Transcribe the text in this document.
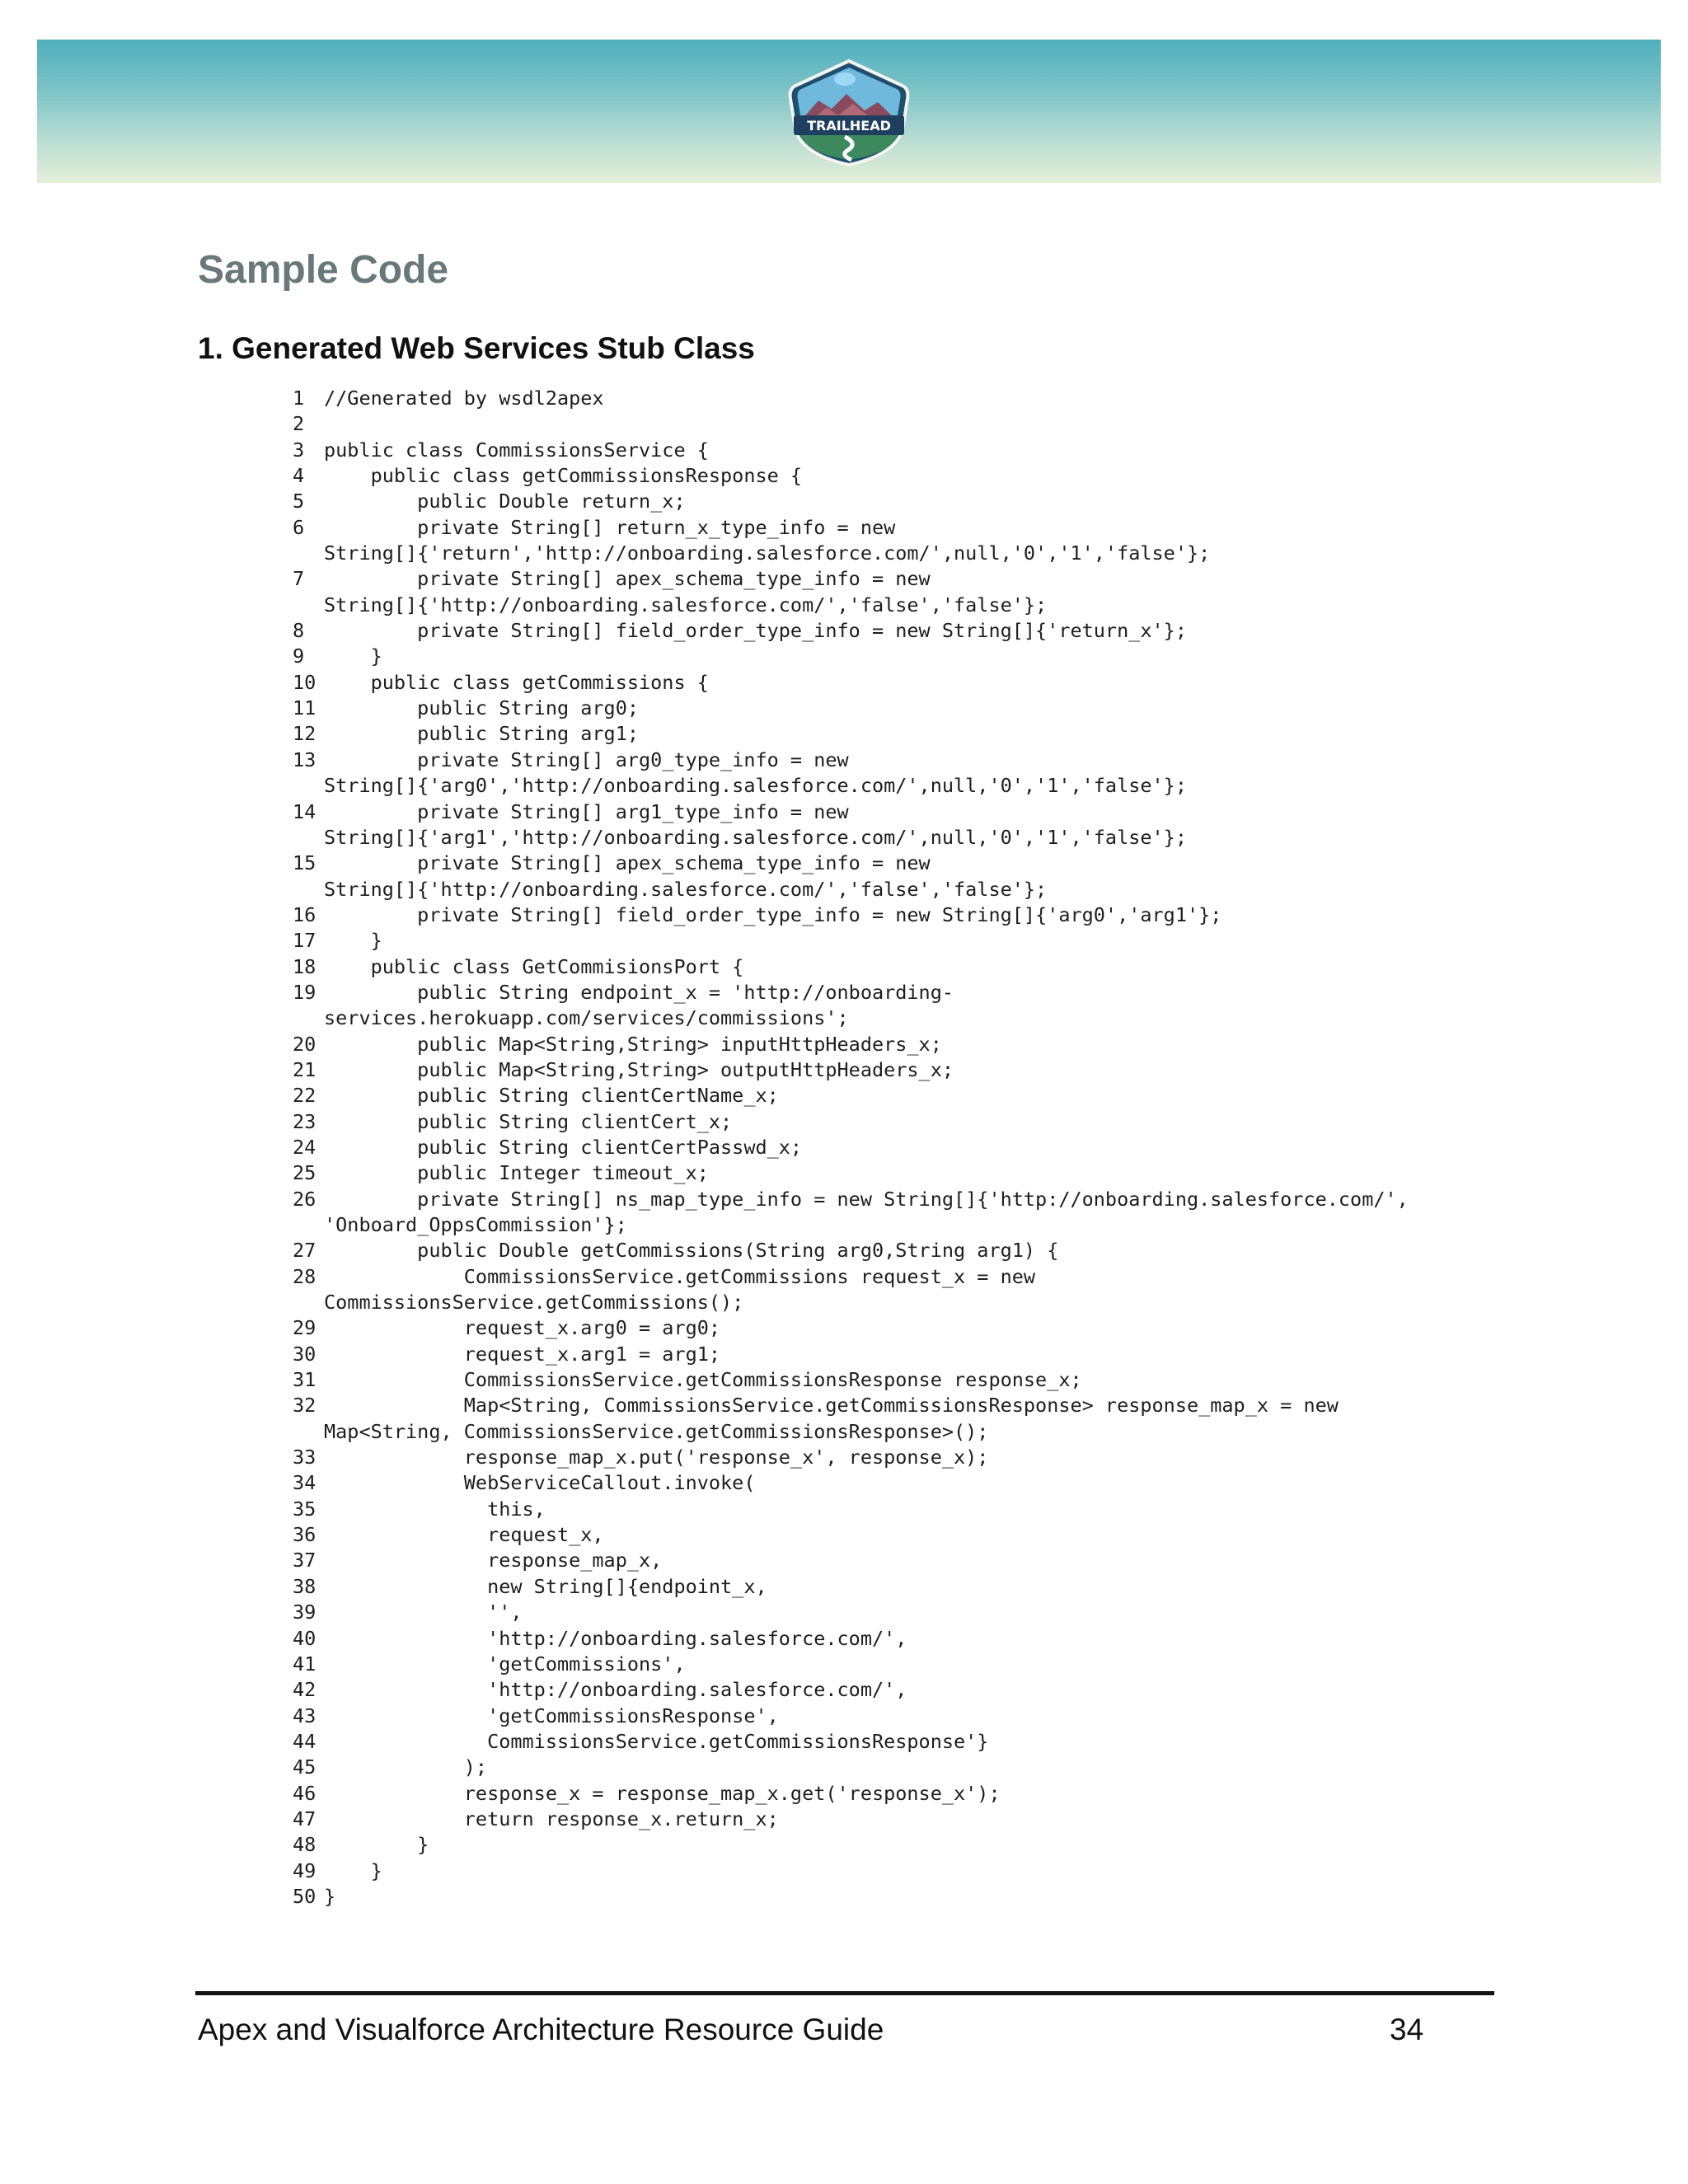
TRAILHEAD
Sample Code
1. Generated Web Services Stub Class
1	//Generated by wsdl2apex
2
3	public class CommissionsService {
4	public class getCommissionsResponse {
5	public Double return_x;
6	private String[] return_x_type_info = new
String[]{'return','http://onboarding.salesforce.com/',null,'0','1','false'};
7	private String[] apex_schema_type_info = new
String[]{'http://onboarding.salesforce.com/','false','false'};
8	private String[] field_order_type_info = new String[]{'return_x'};
9	}
10 public class getCommissions {
11 public String arg0;
12 public String arg1;
13 private String[] arg0_type_info = new
String[]{'arg0','http://onboarding.salesforce.com/',null,'0','1','false'};
14 private String[] arg1_type_info = new
String[]{'arg1','http://onboarding.salesforce.com/',null,'0','1','false'};
15 private String[] apex_schema_type_info = new
String[]{'http://onboarding.salesforce.com/','false','false'};
16 private String[] field_order_type_info = new String[]{'arg0','arg1'};
17 }
18 public class GetCommisionsPort {
19 public String endpoint_x = 'http://onboarding-
services.herokuapp.com/services/commissions';
20 public Map<String,String> inputHttpHeaders_x;
21 public Map<String,String> outputHttpHeaders_x;
22 public String clientCertName_x;
23 public String clientCert_x;
24 public String clientCertPasswd_x;
25 public Integer timeout_x;
26 private String[] ns_map_type_info = new String[]{'http://onboarding.salesforce.com/',
'Onboard_OppsCommission'};
27 public Double getCommissions(String arg0,String arg1) {
28 CommissionsService.getCommissions request_x = new
CommissionsService.getCommissions();
29 request_x.arg0 = arg0;
30 request_x.arg1 = arg1;
31 CommissionsService.getCommissionsResponse response_x;
32 Map<String, CommissionsService.getCommissionsResponse> response_map_x = new
Map<String, CommissionsService.getCommissionsResponse>();
33 response_map_x.put('response_x', response_x);
34 WebServiceCallout.invoke(
35 this,
36 request_x,
37 response_map_x,
38 new String[]{endpoint_x,
39 '',
40 'http://onboarding.salesforce.com/',
41 'getCommissions',
42 'http://onboarding.salesforce.com/',
43 'getCommissionsResponse',
44 CommissionsService.getCommissionsResponse'}
45 );
46 response_x = response_map_x.get('response_x');
47 return response_x.return_x;
48 }
49 }
50 }
Apex and Visualforce Architecture Resource Guide	34
